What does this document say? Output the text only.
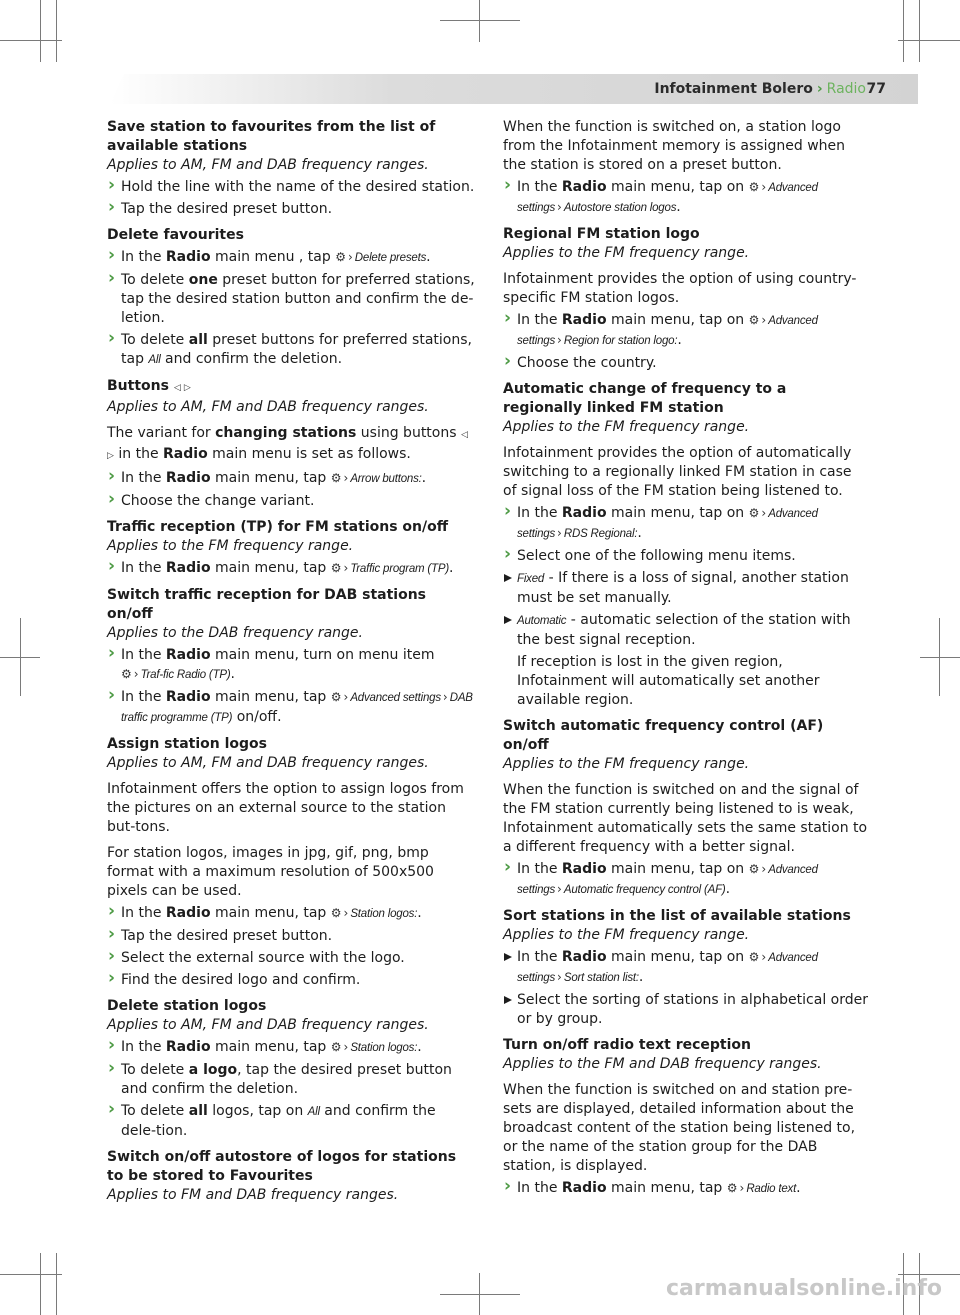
Infotainment Bolero › Radio 77
Save station to favourites from the list of available stations
Applies to AM, FM and DAB frequency ranges.
› Hold the line with the name of the desired station.
› Tap the desired preset button.
Delete favourites
› In the Radio main menu , tap ⚙ › Delete presets.
› To delete one preset button for preferred stations, tap the desired station button and confirm the de-letion.
› To delete all preset buttons for preferred stations, tap All and confirm the deletion.
Buttons ◁ ▷
Applies to AM, FM and DAB frequency ranges.

The variant for changing stations using buttons ◁ ▷ in the Radio main menu is set as follows.

› In the Radio main menu, tap ⚙ › Arrow buttons:.
› Choose the change variant.
Traffic reception (TP) for FM stations on/off
Applies to the FM frequency range.
› In the Radio main menu, tap ⚙ › Traffic program (TP).
Switch traffic reception for DAB stations on/off
Applies to the DAB frequency range.
› In the Radio main menu, turn on menu item ⚙ › Traf-fic Radio (TP).
› In the Radio main menu, tap ⚙ › Advanced settings › DAB traffic programme (TP) on/off.
Assign station logos
Applies to AM, FM and DAB frequency ranges.

Infotainment offers the option to assign logos from the pictures on an external source to the station but-tons.

For station logos, images in jpg, gif, png, bmp format with a maximum resolution of 500x500 pixels can be used.

› In the Radio main menu, tap ⚙ › Station logos:.
› Tap the desired preset button.
› Select the external source with the logo.
› Find the desired logo and confirm.
Delete station logos
Applies to AM, FM and DAB frequency ranges.
› In the Radio main menu, tap ⚙ › Station logos:.
› To delete a logo, tap the desired preset button and confirm the deletion.
› To delete all logos, tap on All and confirm the dele-tion.
Switch on/off autostore of logos for stations to be stored to Favourites
Applies to FM and DAB frequency ranges.
When the function is switched on, a station logo from the Infotainment memory is assigned when the station is stored on a preset button.
› In the Radio main menu, tap on ⚙ › Advanced settings › Autostore station logos.
Regional FM station logo
Applies to the FM frequency range.

Infotainment provides the option of using country-specific FM station logos.

› In the Radio main menu, tap on ⚙ › Advanced settings › Region for station logo:.
› Choose the country.
Automatic change of frequency to a regionally linked FM station
Applies to the FM frequency range.

Infotainment provides the option of automatically switching to a regionally linked FM station in case of signal loss of the FM station being listened to.

› In the Radio main menu, tap on ⚙ › Advanced settings › RDS Regional:.
› Select one of the following menu items.
Fixed - If there is a loss of signal, another station must be set manually.
Automatic - automatic selection of the station with the best signal reception.
If reception is lost in the given region, Infotainment will automatically set another available region.
Switch automatic frequency control (AF) on/off
Applies to the FM frequency range.

When the function is switched on and the signal of the FM station currently being listened to is weak, Infotainment automatically sets the same station to a different frequency with a better signal.

› In the Radio main menu, tap on ⚙ › Advanced settings › Automatic frequency control (AF).
Sort stations in the list of available stations
Applies to the FM frequency range.
In the Radio main menu, tap on ⚙ › Advanced settings › Sort station list:.
Select the sorting of stations in alphabetical order or by group.
Turn on/off radio text reception
Applies to the FM and DAB frequency ranges.

When the function is switched on and station pre-sets are displayed, detailed information about the broadcast content of the station being listened to, or the name of the station group for the DAB station, is displayed.

› In the Radio main menu, tap ⚙ › Radio text.
carmanualsonline.info
